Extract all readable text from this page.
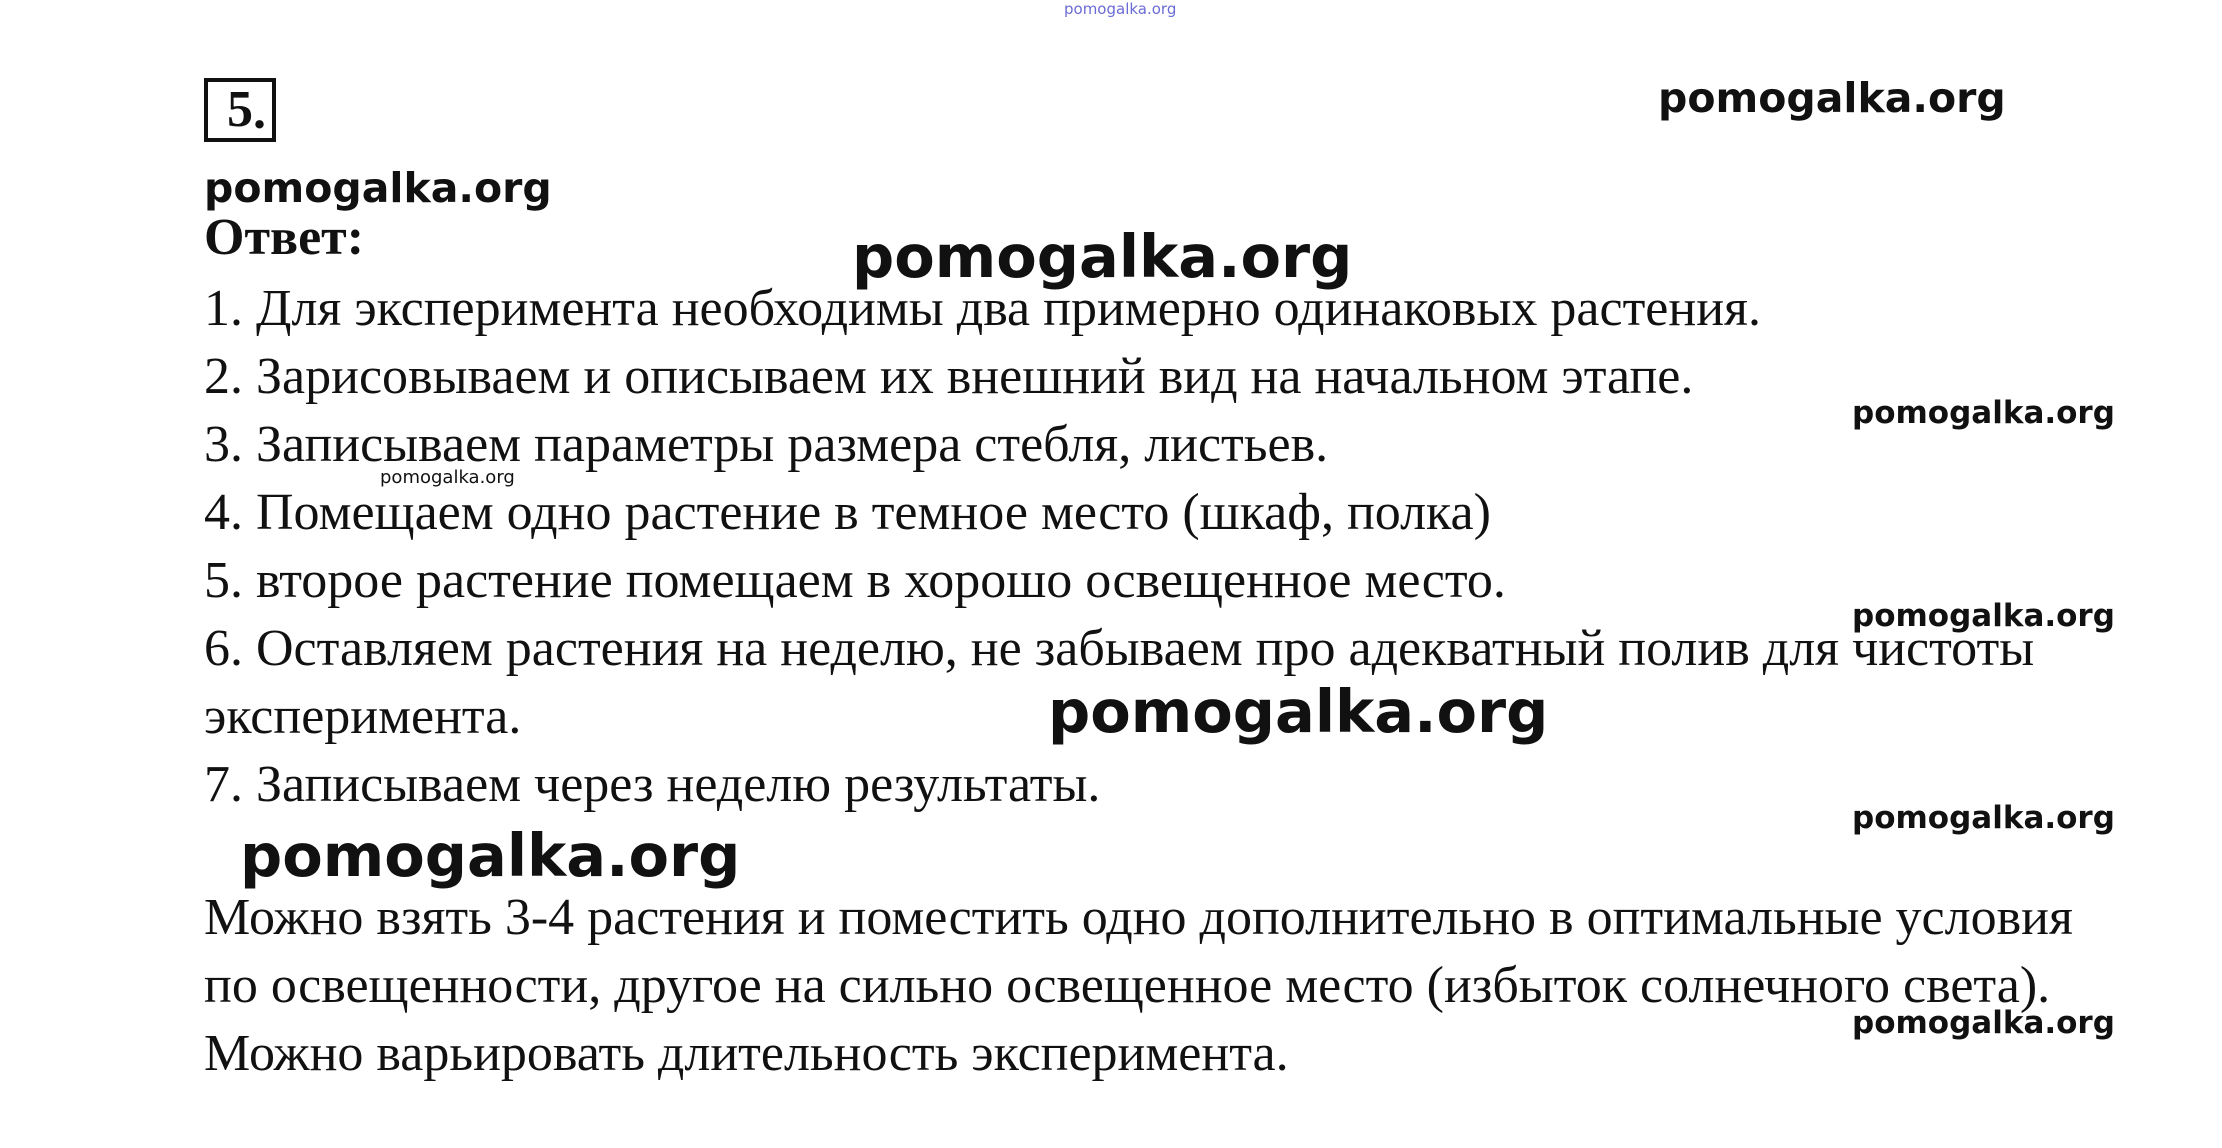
pomogalka.org
pomogalka.org
5 .
pomogalka.org
Ответ:

1. Для эксперимента необходимы два примерно одинаковых растения.

2. Зарисовываем и описываем их внешний вид на начальном этапе.

3. Записываем параметры размера стебля, листьев.

4. Помещаем одно растение в темное место (шкаф, полка)

5. второе растение помещаем в хорошо освещенное место.

6. Оставляем растения на неделю, не забываем про адекватный полив для чистоты эксперимента.

7. Записываем через неделю результаты.

Можно взять 3-4 растения и поместить одно дополнительно в оптимальные условия по освещенности, другое на сильно освещенное место (избыток солнечного света). Можно варьировать длительность эксперимента.
pomogalka.org
pomogalka.org
pomogalka.org
pomogalka.org
pomogalka.org
pomogalka.org
pomogalka.org
pomogalka.org
